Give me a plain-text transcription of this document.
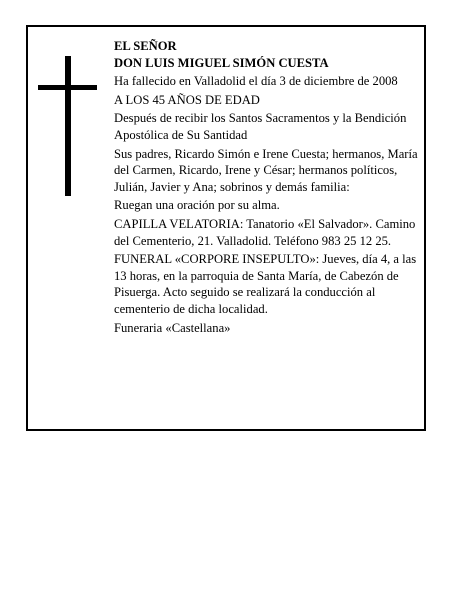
EL SEÑOR

DON LUIS MIGUEL SIMÓN CUESTA

Ha fallecido en Valladolid el día 3 de diciembre de 2008

A LOS 45 AÑOS DE EDAD

Después de recibir los Santos Sacramentos y la Bendición Apostólica de Su Santidad

Sus padres, Ricardo Simón e Irene Cuesta; hermanos, María del Carmen, Ricardo, Irene y César; hermanos políticos, Julián, Javier y Ana; sobrinos y demás familia:

Ruegan una oración por su alma.

CAPILLA VELATORIA: Tanatorio «El Salvador». Camino del Cementerio, 21. Valladolid. Teléfono 983 25 12 25.

FUNERAL «CORPORE INSEPULTO»: Jueves, día 4, a las 13 horas, en la parroquia de Santa María, de Cabezón de Pisuerga. Acto seguido se realizará la conducción al cementerio de dicha localidad.

Funeraria «Castellana»
